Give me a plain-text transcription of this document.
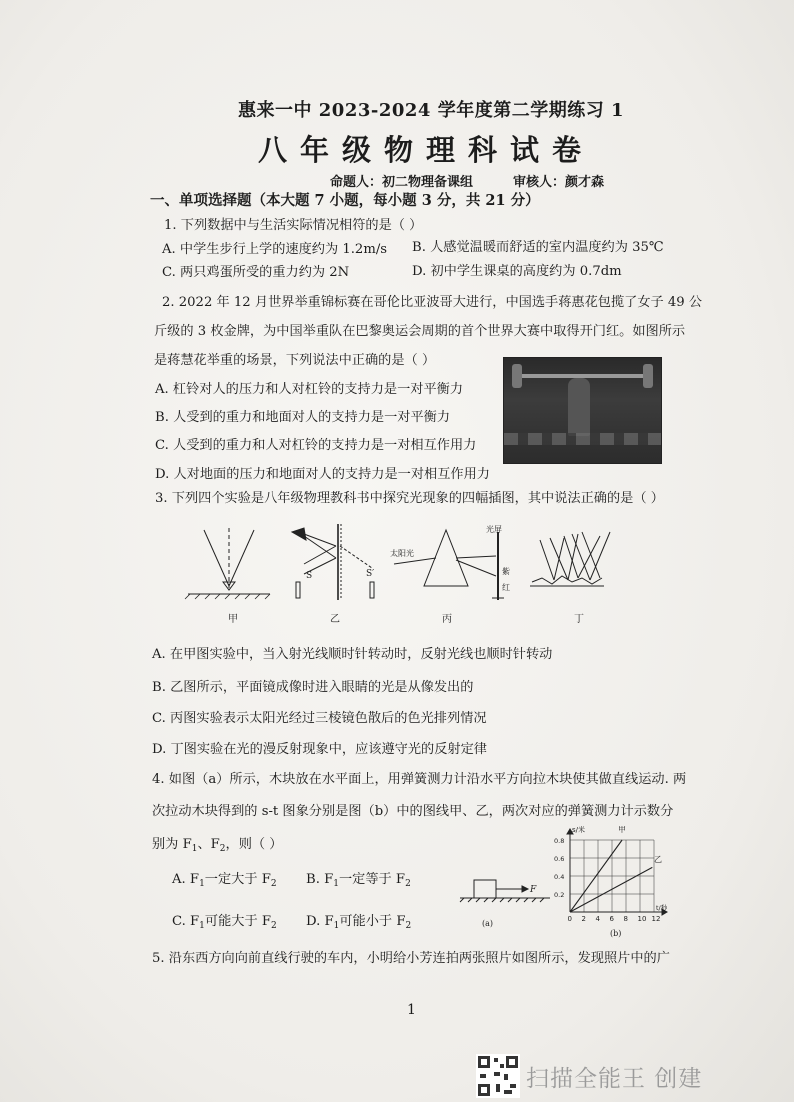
惠来一中 2023-2024 学年度第二学期练习 1
八年级物理科试卷
命题人：初二物理备课组	审核人：颜才森
一、单项选择题（本大题 7 小题，每小题 3 分，共 21 分）
1. 下列数据中与生活实际情况相符的是（ ）
A. 中学生步行上学的速度约为 1.2m/s B. 人感觉温暖而舒适的室内温度约为 35℃
C. 两只鸡蛋所受的重力约为 2N	D. 初中学生课桌的高度约为 0.7dm
2. 2022 年 12 月世界举重锦标赛在哥伦比亚波哥大进行，中国选手蒋惠花包揽了女子 49 公
斤级的 3 枚金牌，为中国举重队在巴黎奥运会周期的首个世界大赛中取得开门红。如图所示
是蒋慧花举重的场景，下列说法中正确的是（ ）
A. 杠铃对人的压力和人对杠铃的支持力是一对平衡力
B. 人受到的重力和地面对人的支持力是一对平衡力
C. 人受到的重力和人对杠铃的支持力是一对相互作用力
D. 人对地面的压力和地面对人的支持力是一对相互作用力
3. 下列四个实验是八年级物理教科书中探究光现象的四幅插图，其中说法正确的是（ ）
S	S′
太阳光
光屏
紫
红
甲	乙	丙	丁
A. 在甲图实验中，当入射光线顺时针转动时，反射光线也顺时针转动
B. 乙图所示，平面镜成像时进入眼睛的光是从像发出的
C. 丙图实验表示太阳光经过三棱镜色散后的色光排列情况
D. 丁图实验在光的漫反射现象中，应该遵守光的反射定律
4. 如图（a）所示，木块放在水平面上，用弹簧测力计沿水平方向拉木块使其做直线运动. 两
次拉动木块得到的 s-t 图象分别是图（b）中的图线甲、乙，两次对应的弹簧测力计示数分
别为 $F_1$、$F_2$，则（ ）
A. $F_1$一定大于 $F_2$ B. $F_1$一定等于 $F_2$
C. $F_1$可能大于 $F_2$ D. $F_1$可能小于 $F_2$
F
(a)
0.2
0.4
0.6
0.8
0 2 4 6 8 10 12
s/米
t/秒
甲
乙
(b)
5. 沿东西方向向前直线行驶的车内，小明给小芳连拍两张照片如图所示，发现照片中的广
1
扫描全能王 创建
